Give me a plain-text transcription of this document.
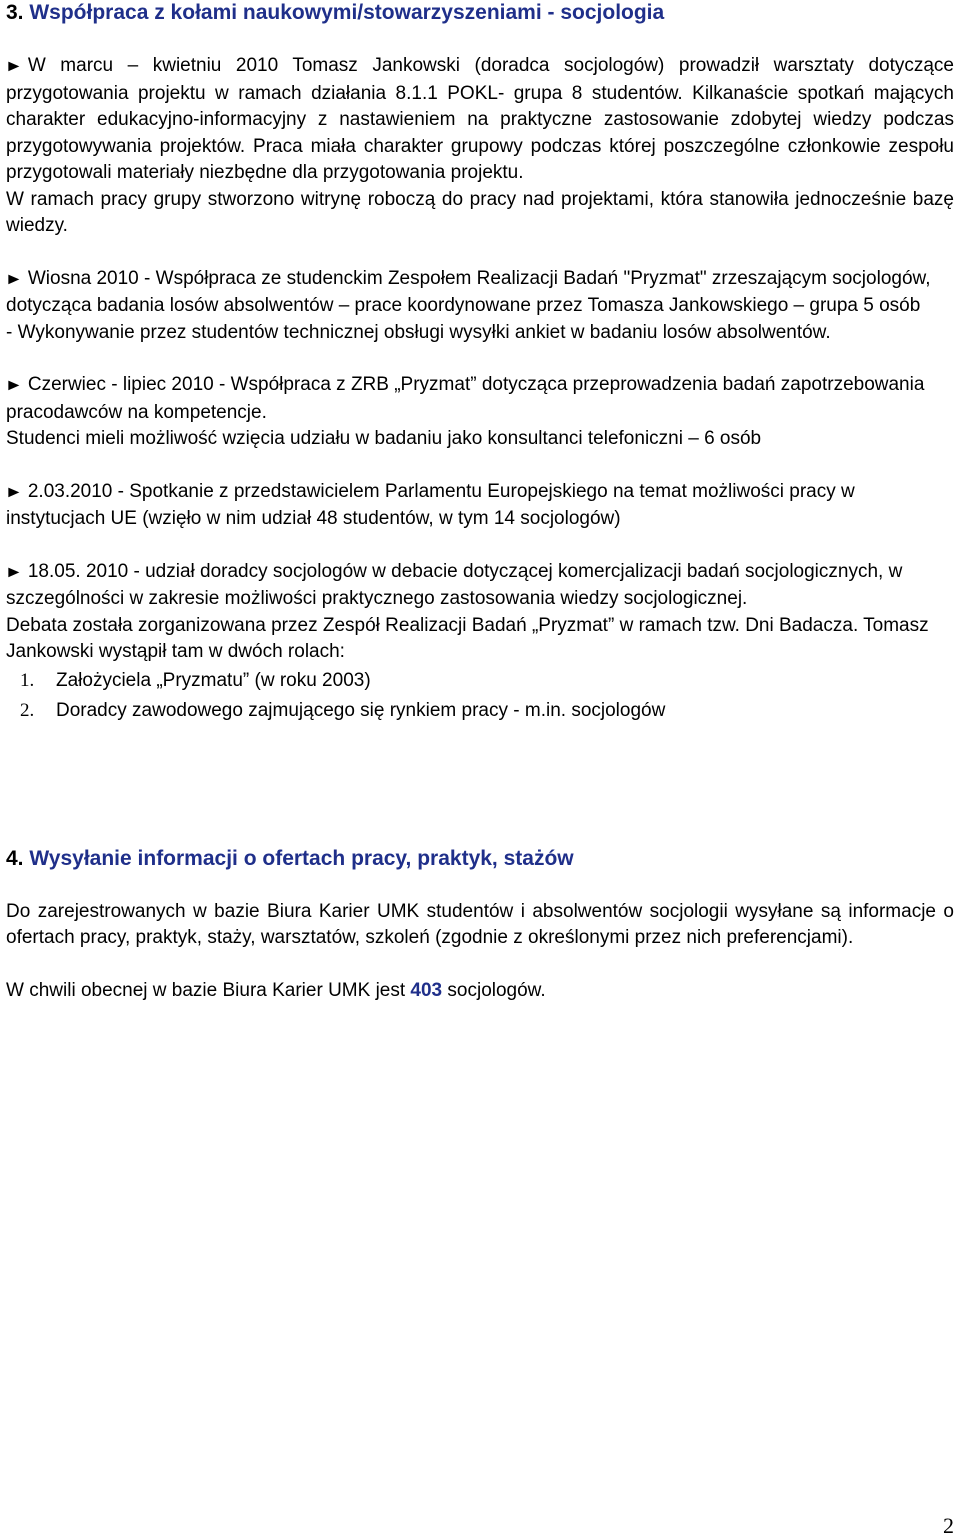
3. Współpraca z kołami naukowymi/stowarzyszeniami - socjologia

► W marcu – kwietniu 2010 Tomasz Jankowski (doradca socjologów) prowadził warsztaty dotyczące przygotowania projektu w ramach działania 8.1.1 POKL- grupa 8 studentów. Kilkanaście spotkań mających charakter edukacyjno-informacyjny z nastawieniem na praktyczne zastosowanie zdobytej wiedzy podczas przygotowywania projektów. Praca miała charakter grupowy podczas której poszczególne członkowie zespołu przygotowali materiały niezbędne dla przygotowania projektu.

W ramach pracy grupy stworzono witrynę roboczą do pracy nad projektami, która stanowiła jednocześnie bazę wiedzy.

► Wiosna 2010 - Współpraca ze studenckim Zespołem Realizacji Badań "Pryzmat" zrzeszającym socjologów, dotycząca badania losów absolwentów – prace koordynowane przez Tomasza Jankowskiego – grupa 5 osób

- Wykonywanie przez studentów technicznej obsługi wysyłki ankiet w badaniu losów absolwentów.

► Czerwiec - lipiec 2010 - Współpraca z ZRB „Pryzmat” dotycząca przeprowadzenia badań zapotrzebowania pracodawców na kompetencje.

Studenci mieli możliwość wzięcia udziału w badaniu jako konsultanci telefoniczni – 6 osób

► 2.03.2010 - Spotkanie z przedstawicielem Parlamentu Europejskiego na temat możliwości pracy w instytucjach UE (wzięło w nim udział 48 studentów, w tym 14 socjologów)

► 18.05. 2010 - udział doradcy socjologów w debacie dotyczącej komercjalizacji badań socjologicznych, w szczególności w zakresie możliwości praktycznego zastosowania wiedzy socjologicznej.

Debata została zorganizowana przez Zespół Realizacji Badań „Pryzmat” w ramach tzw. Dni Badacza. Tomasz Jankowski wystąpił tam w dwóch rolach:

1.	Założyciela „Pryzmatu” (w roku 2003)
2.	Doradcy zawodowego zajmującego się rynkiem pracy - m.in. socjologów
4. Wysyłanie informacji o ofertach pracy, praktyk, stażów

Do zarejestrowanych w bazie Biura Karier UMK studentów i absolwentów socjologii wysyłane są informacje o ofertach pracy, praktyk, staży, warsztatów, szkoleń (zgodnie z określonymi przez nich preferencjami).

W chwili obecnej w bazie Biura Karier UMK jest 403 socjologów.

2
